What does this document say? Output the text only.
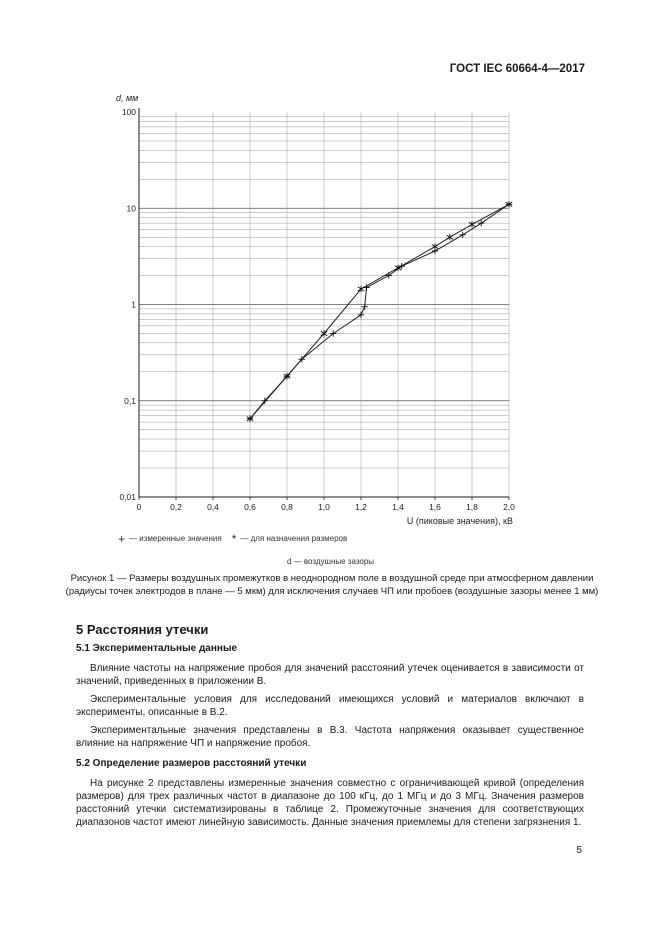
ГОСТ IEC 60664-4—2017
0	0,2	0,4	0,6	0,8	1,0	1,2	1,4	1,6	1,8	2,0
0,01
0,1
1
10
100
d, мм
U (пиковые значения), кВ
+ — измеренные значения * — для назначения размеров
d — воздушные зазоры
Рисунок 1 — Размеры воздушных промежутков в неоднородном поле в воздушной среде при атмосферном давлении (радиусы точек электродов в плане — 5 мкм) для исключения случаев ЧП или пробоев (воздушные зазоры менее 1 мм)
5 Расстояния утечки
5.1 Экспериментальные данные

Влияние частоты на напряжение пробоя для значений расстояний утечек оценивается в зависимости от значений, приведенных в приложении В.

Экспериментальные условия для исследований имеющихся условий и материалов включают в эксперименты, описанные в В.2.

Экспериментальные значения представлены в В.3. Частота напряжения оказывает существенное влияние на напряжение ЧП и напряжение пробоя.

5.2 Определение размеров расстояний утечки

На рисунке 2 представлены измеренные значения совместно с ограничивающей кривой (определения размеров) для трех различных частот в диапазоне до 100 кГц, до 1 МГц и до 3 МГц. Значения размеров расстояний утечки систематизированы в таблице 2. Промежуточные значения для соответствующих диапазонов частот имеют линейную зависимость. Данные значения приемлемы для степени загрязнения 1.

5
